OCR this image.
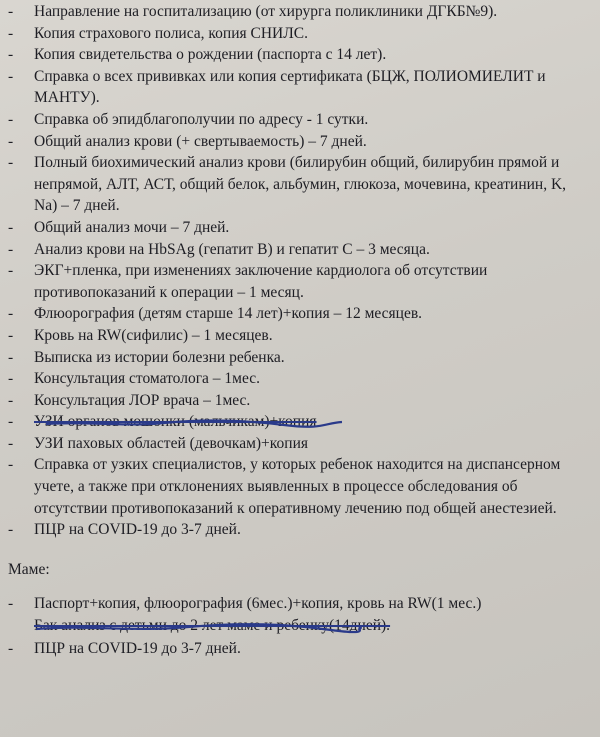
- Направление на госпитализацию (от хирурга поликлиники ДГКБ№9).
- Копия страхового полиса, копия СНИЛС.
- Копия свидетельства о рождении (паспорта с 14 лет).
- Справка о всех прививках или копия сертификата (БЦЖ, ПОЛИОМИЕЛИТ и МАНТУ).
- Справка об эпидблагополучии по адресу - 1 сутки.
- Общий анализ крови (+ свертываемость) – 7 дней.
- Полный биохимический анализ крови (билирубин общий, билирубин прямой и непрямой, АЛТ, АСТ, общий белок, альбумин, глюкоза, мочевина, креатинин, K, Na) – 7 дней.
- Общий анализ мочи – 7 дней.
- Анализ крови на HbSAg (гепатит В) и гепатит С – 3 месяца.
- ЭКГ+пленка, при изменениях заключение кардиолога об отсутствии противопоказаний к операции – 1 месяц.
- Флюорография (детям старше 14 лет)+копия – 12 месяцев.
- Кровь на RW(сифилис) – 1 месяцев.
- Выписка из истории болезни ребенка.
- Консультация стоматолога – 1мес.
- Консультация ЛОР врача – 1мес.
- УЗИ органов мошонки (мальчикам)+копия
- УЗИ паховых областей (девочкам)+копия
- Справка от узких специалистов, у которых ребенок находится на диспансерном учете, а также при отклонениях выявленных в процессе обследования об отсутствии противопоказаний к оперативному лечению под общей анестезией.
- ПЦР на COVID-19 до 3-7 дней.
Маме:
- Паспорт+копия, флюорография (6мес.)+копия, кровь на RW(1 мес.)
Бак анализ с детьми до 2 лет маме и ребенку(14дней).
- ПЦР на COVID-19 до 3-7 дней.
